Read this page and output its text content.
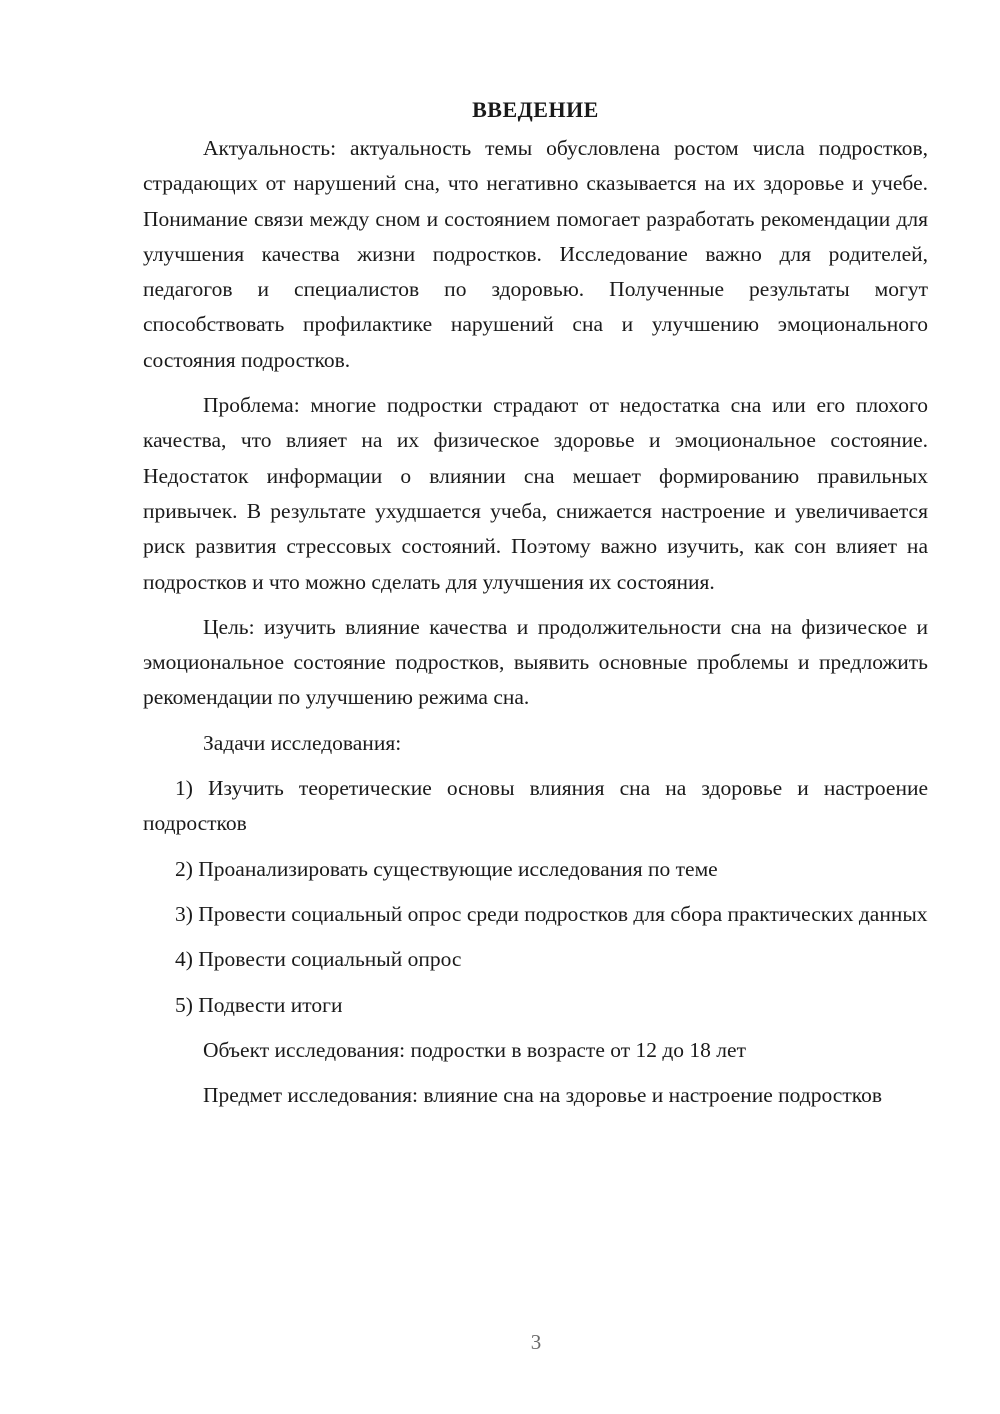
ВВЕДЕНИЕ

Актуальность: актуальность темы обусловлена ростом числа подростков, страдающих от нарушений сна, что негативно сказывается на их здоровье и учебе. Понимание связи между сном и состоянием помогает разработать рекомендации для улучшения качества жизни подростков. Исследование важно для родителей, педагогов и специалистов по здоровью. Полученные результаты могут способствовать профилактике нарушений сна и улучшению эмоционального состояния подростков.

Проблема: многие подростки страдают от недостатка сна или его плохого качества, что влияет на их физическое здоровье и эмоциональное состояние. Недостаток информации о влиянии сна мешает формированию правильных привычек. В результате ухудшается учеба, снижается настроение и увеличивается риск развития стрессовых состояний. Поэтому важно изучить, как сон влияет на подростков и что можно сделать для улучшения их состояния.

Цель: изучить влияние качества и продолжительности сна на физическое и эмоциональное состояние подростков, выявить основные проблемы и предложить рекомендации по улучшению режима сна.

Задачи исследования:

1) Изучить теоретические основы влияния сна на здоровье и настроение подростков

2) Проанализировать существующие исследования по теме

3) Провести социальный опрос среди подростков для сбора практических данных

4) Провести социальный опрос

5) Подвести итоги

Объект исследования: подростки в возрасте от 12 до 18 лет

Предмет исследования: влияние сна на здоровье и настроение подростков

3
